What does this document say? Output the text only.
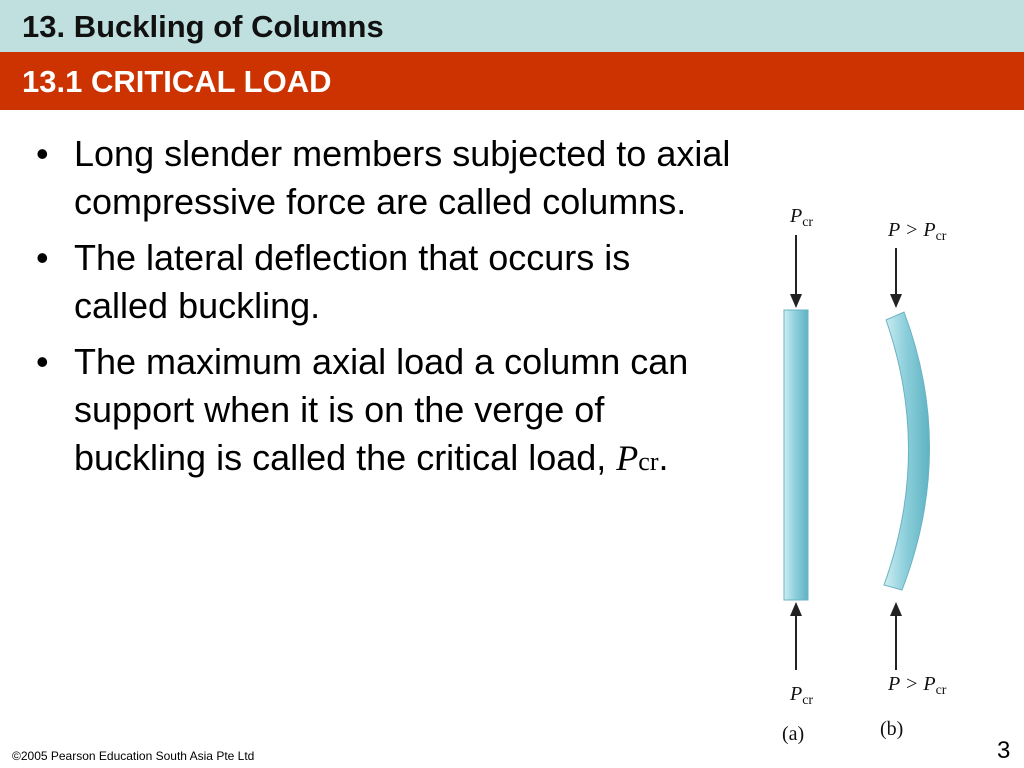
13. Buckling of Columns
13.1 CRITICAL LOAD
• Long slender members subjected to axial compressive force are called columns.
• The lateral deflection that occurs is called buckling.
• The maximum axial load a column can support when it is on the verge of buckling is called the critical load, Pcr.
$P_{cr}$
$P_{cr}$
(a)
$P > P_{cr}$
$P > P_{cr}$
(b)
©2005 Pearson Education South Asia Pte Ltd	3
